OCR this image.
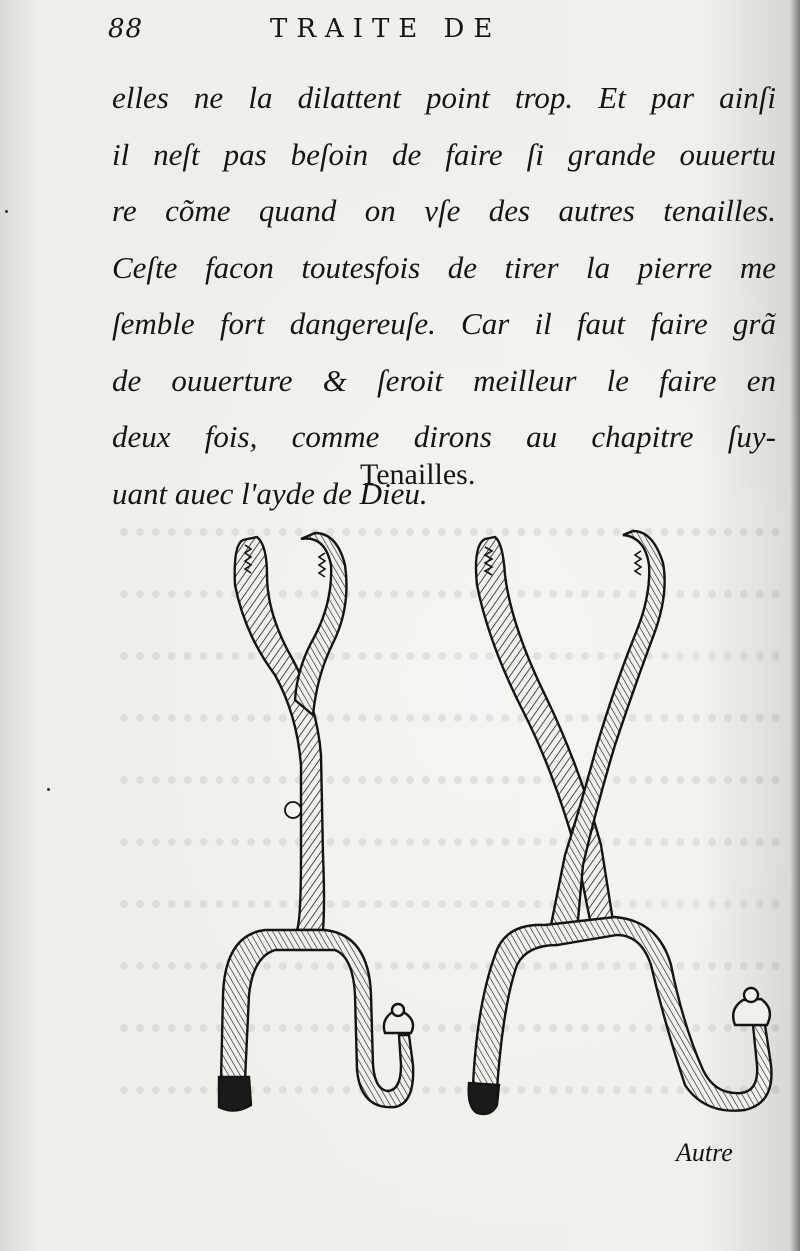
88	TRAITE DE
elles ne la dilattent point trop. Et par ainſi
il neſt pas beſoin de faire ſi grande ouuertu
re cõme quand on vſe des autres tenailles.
Ceſte facon toutesfois de tirer la pierre me
ſemble fort dangereuſe. Car il faut faire grã
de ouuerture & ſeroit meilleur le faire en
deux fois, comme dirons au chapitre ſuy-
uant auec l'ayde de Dieu.
Tenailles.
Autre
